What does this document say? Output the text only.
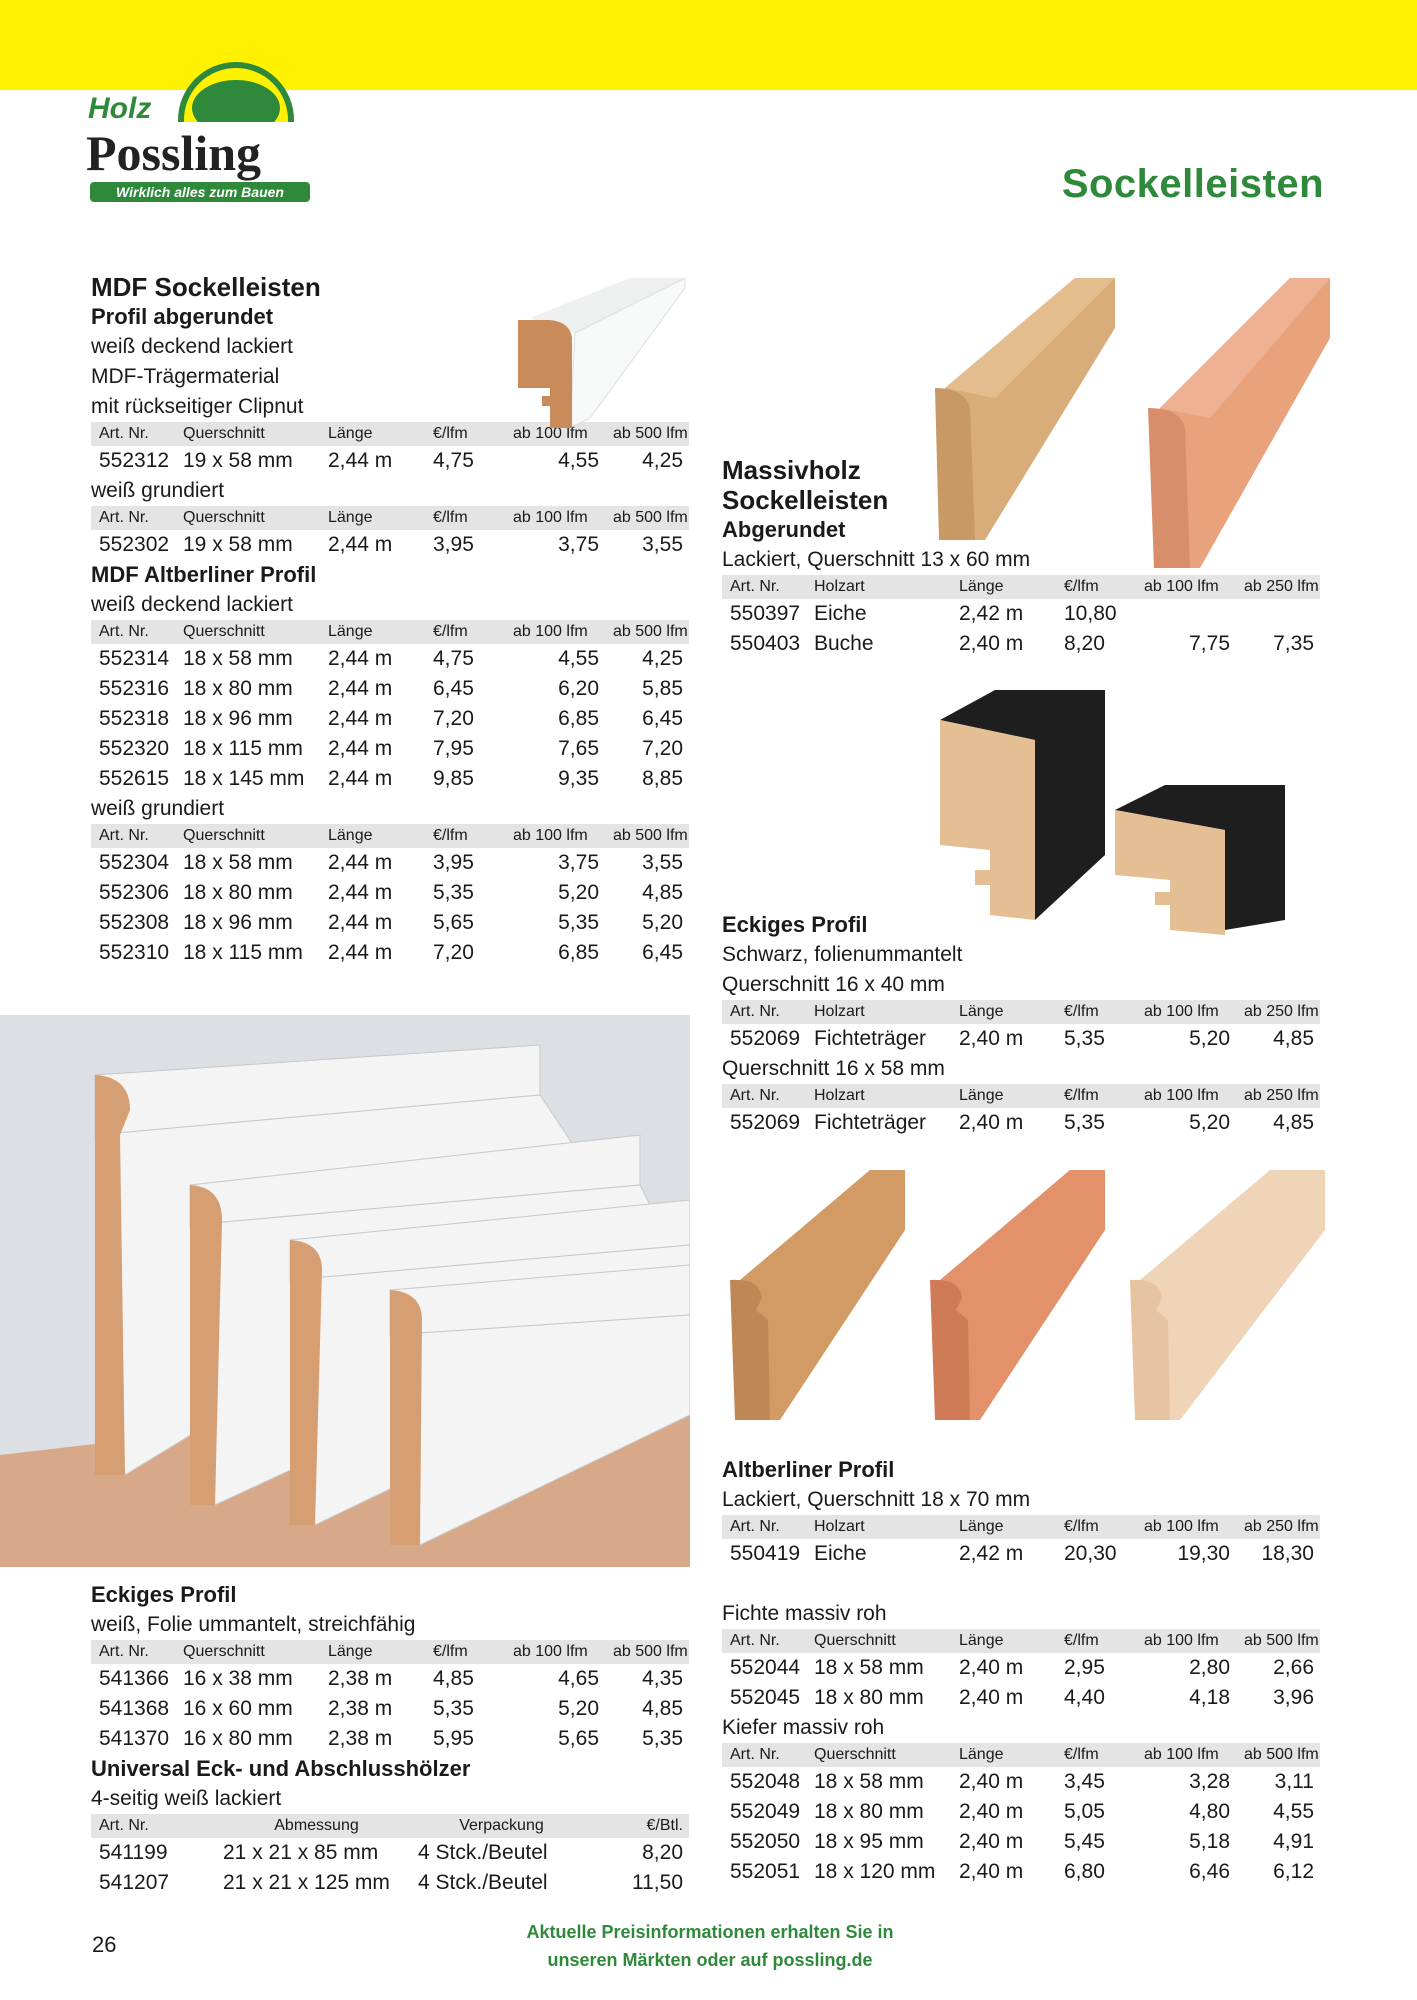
Holz
Possling
Wirklich alles zum Bauen	Sockelleisten
MDF Sockelleisten
Profil abgerundet
weiß deckend lackiert
MDF-Trägermaterial
mit rückseitiger Clipnut
Art. Nr.	Querschnitt	Länge	€/lfm	ab 100 lfm	ab 500 lfm
552312	19 x 58 mm	2,44 m	4,75	4,55	4,25
weiß grundiert
Art. Nr.	Querschnitt	Länge	€/lfm	ab 100 lfm	ab 500 lfm
552302	19 x 58 mm	2,44 m	3,95	3,75	3,55
MDF Altberliner Profil
weiß deckend lackiert
Art. Nr.	Querschnitt	Länge	€/lfm	ab 100 lfm	ab 500 lfm
552314	18 x 58 mm	2,44 m	4,75	4,55	4,25
552316	18 x 80 mm	2,44 m	6,45	6,20	5,85
552318	18 x 96 mm	2,44 m	7,20	6,85	6,45
552320	18 x 115 mm	2,44 m	7,95	7,65	7,20
552615	18 x 145 mm	2,44 m	9,85	9,35	8,85
weiß grundiert
Art. Nr.	Querschnitt	Länge	€/lfm	ab 100 lfm	ab 500 lfm
552304	18 x 58 mm	2,44 m	3,95	3,75	3,55
552306	18 x 80 mm	2,44 m	5,35	5,20	4,85
552308	18 x 96 mm	2,44 m	5,65	5,35	5,20
552310	18 x 115 mm	2,44 m	7,20	6,85	6,45
Eckiges Profil
weiß, Folie ummantelt, streichfähig
Art. Nr.	Querschnitt	Länge	€/lfm	ab 100 lfm	ab 500 lfm
541366	16 x 38 mm	2,38 m	4,85	4,65	4,35
541368	16 x 60 mm	2,38 m	5,35	5,20	4,85
541370	16 x 80 mm	2,38 m	5,95	5,65	5,35
Universal Eck- und Abschlusshölzer
4-seitig weiß lackiert
Art. Nr.	Abmessung	Verpackung	€/Btl.
541199	21 x 21 x 85 mm	4 Stck./Beutel	8,20
541207	21 x 21 x 125 mm	4 Stck./Beutel	11,50
Massivholz
Sockelleisten
Abgerundet
Lackiert, Querschnitt 13 x 60 mm
Art. Nr.	Holzart	Länge	€/lfm	ab 100 lfm	ab 250 lfm
550397	Eiche	2,42 m	10,80		
550403	Buche	2,40 m	8,20	7,75	7,35
Eckiges Profil
Schwarz, folienummantelt
Querschnitt 16 x 40 mm
Art. Nr.	Holzart	Länge	€/lfm	ab 100 lfm	ab 250 lfm
552069	Fichteträger	2,40 m	5,35	5,20	4,85
Querschnitt 16 x 58 mm
Art. Nr.	Holzart	Länge	€/lfm	ab 100 lfm	ab 250 lfm
552069	Fichteträger	2,40 m	5,35	5,20	4,85
Altberliner Profil
Lackiert, Querschnitt 18 x 70 mm
Art. Nr.	Holzart	Länge	€/lfm	ab 100 lfm	ab 250 lfm
550419	Eiche	2,42 m	20,30	19,30	18,30
Fichte massiv roh
Art. Nr.	Querschnitt	Länge	€/lfm	ab 100 lfm	ab 500 lfm
552044	18 x 58 mm	2,40 m	2,95	2,80	2,66
552045	18 x 80 mm	2,40 m	4,40	4,18	3,96
Kiefer massiv roh
Art. Nr.	Querschnitt	Länge	€/lfm	ab 100 lfm	ab 500 lfm
552048	18 x 58 mm	2,40 m	3,45	3,28	3,11
552049	18 x 80 mm	2,40 m	5,05	4,80	4,55
552050	18 x 95 mm	2,40 m	5,45	5,18	4,91
552051	18 x 120 mm	2,40 m	6,80	6,46	6,12
26	Aktuelle Preisinformationen erhalten Sie in
unseren Märkten oder auf possling.de
